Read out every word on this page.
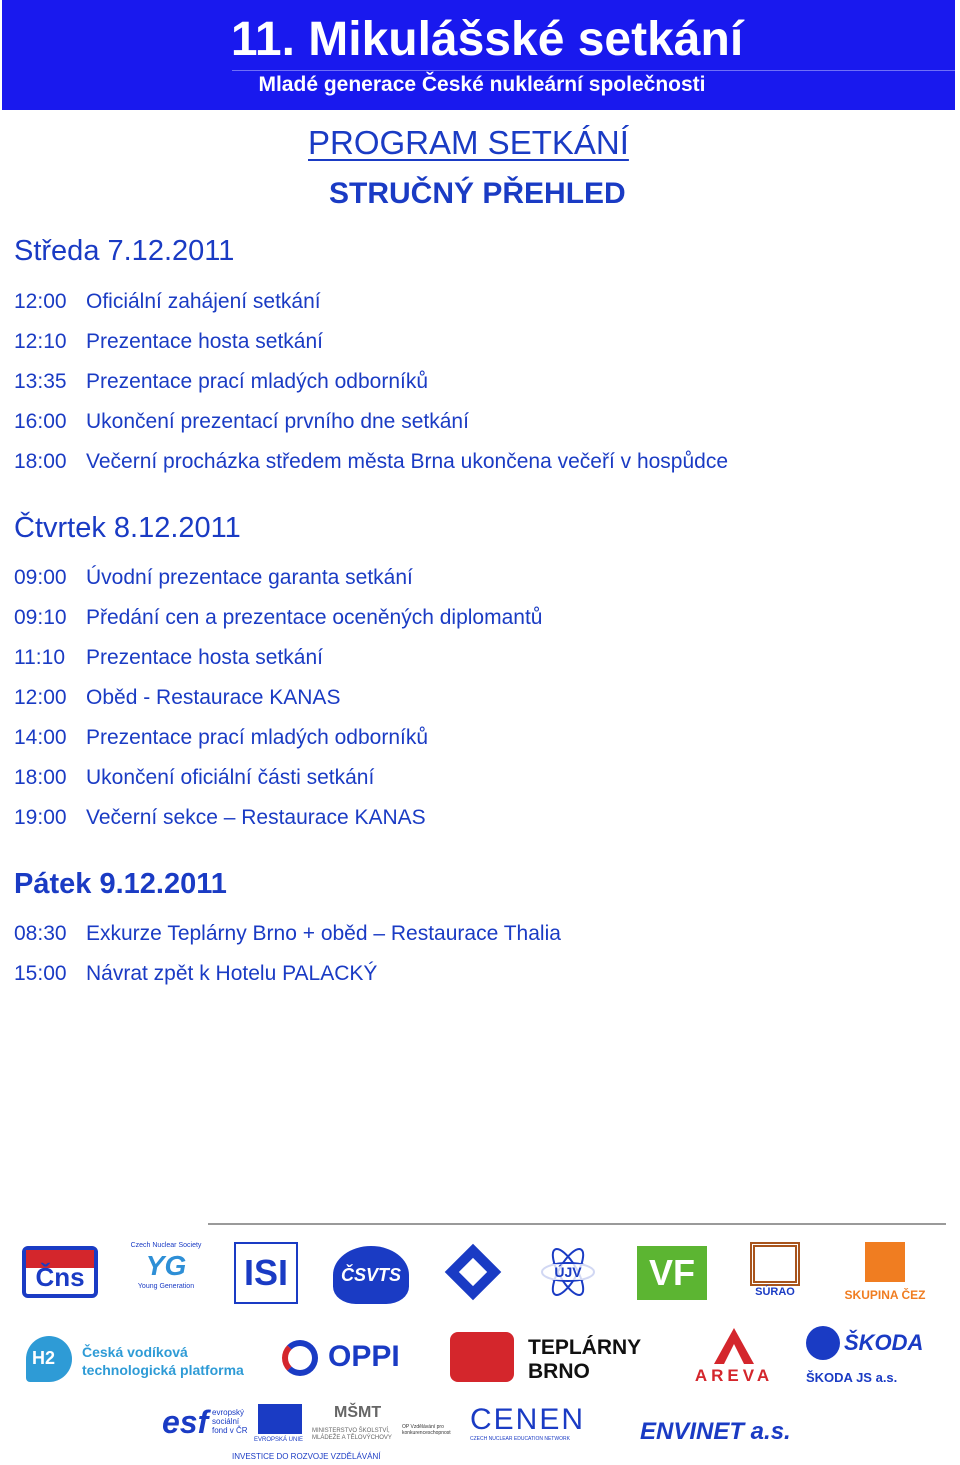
11. Mikulášské setkání
Mladé generace České nukleární společnosti
PROGRAM SETKÁNÍ
STRUČNÝ PŘEHLED
Středa 7.12.2011
12:00 Oficiální zahájení setkání
12:10 Prezentace hosta setkání
13:35 Prezentace prací mladých odborníků
16:00 Ukončení prezentací prvního dne setkání
18:00 Večerní procházka středem města Brna ukončena večeří v hospůdce
Čtvrtek 8.12.2011
09:00 Úvodní prezentace garanta setkání
09:10 Předání cen a prezentace oceněných diplomantů
11:10 Prezentace hosta setkání
12:00 Oběd - Restaurace KANAS
14:00 Prezentace prací mladých odborníků
18:00 Ukončení oficiální části setkání
19:00 Večerní sekce – Restaurace KANAS
Pátek 9.12.2011
08:30 Exkurze Teplárny Brno + oběd – Restaurace Thalia
15:00 Návrat zpět k Hotelu PALACKÝ
Čns
Czech Nuclear Society
YG
Young Generation	ISI	ČSVTS	ÚJV	VF	SÚRAO	SKUPINA ČEZ
H2 Česká vodíková
technologická platforma	OPPI	TEPLÁRNY
BRNO	AREVA
ŠKODA
ŠKODA JS a.s.
esf evropský sociální fond v ČR
EVROPSKÁ UNIE
MŠMT
MINISTERSTVO ŠKOLSTVÍ, MLÁDEŽE A TĚLOVÝCHOVY
OP Vzdělávání pro konkurenceschopnost
INVESTICE DO ROZVOJE VZDĚLÁVÁNÍ
CENEN
CZECH NUCLEAR EDUCATION NETWORK	ENVINET a.s.
